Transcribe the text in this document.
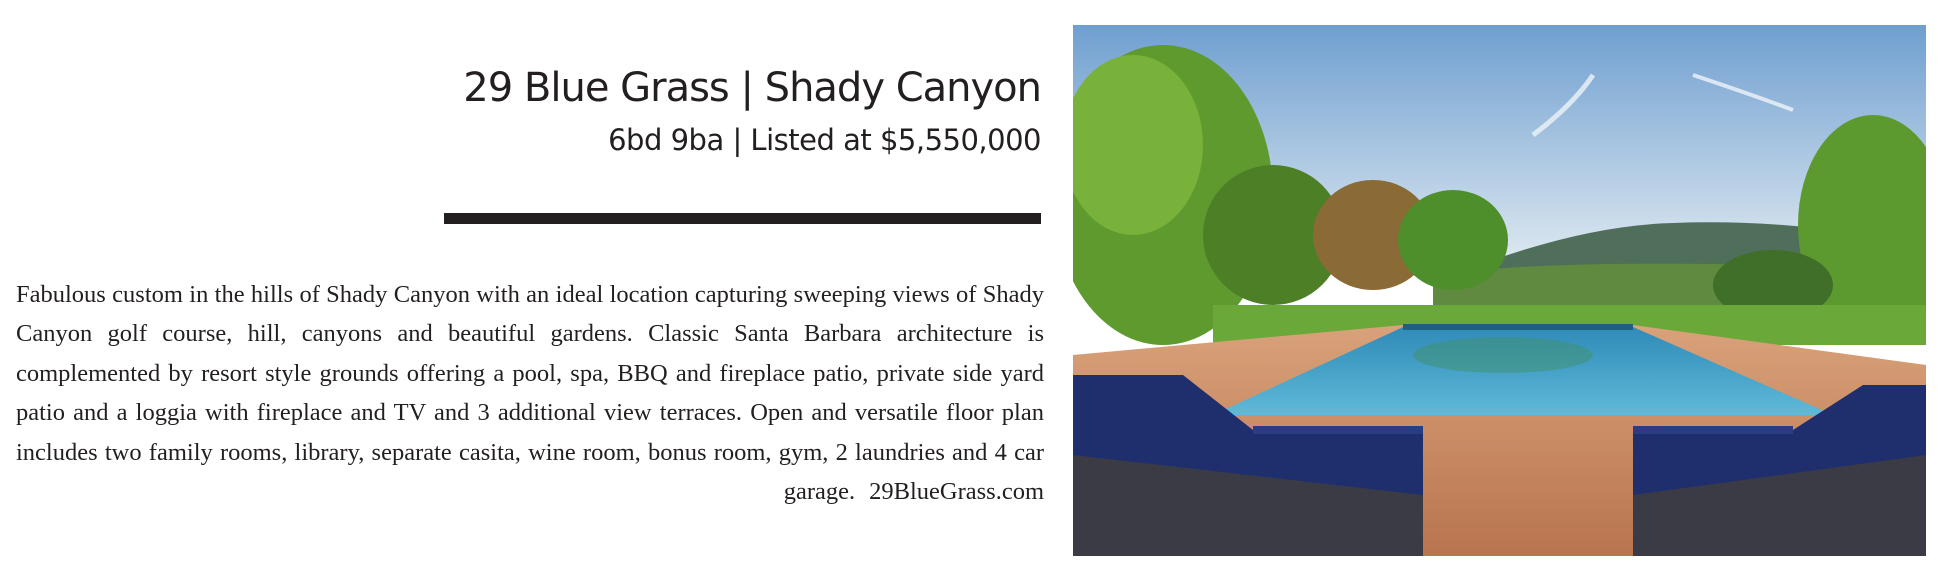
29 Blue Grass | Shady Canyon
6bd 9ba | Listed at $5,550,000

Fabulous custom in the hills of Shady Canyon with an ideal location capturing sweeping views of Shady Canyon golf course, hill, canyons and beautiful gardens. Classic Santa Barbara architecture is complemented by resort style grounds offering a pool, spa, BBQ and fireplace patio, private side yard patio and a loggia with fireplace and TV and 3 additional view terraces. Open and versatile floor plan includes two family rooms, library, separate casita, wine room, bonus room, gym, 2 laundries and 4 car garage. 29BlueGrass.com
